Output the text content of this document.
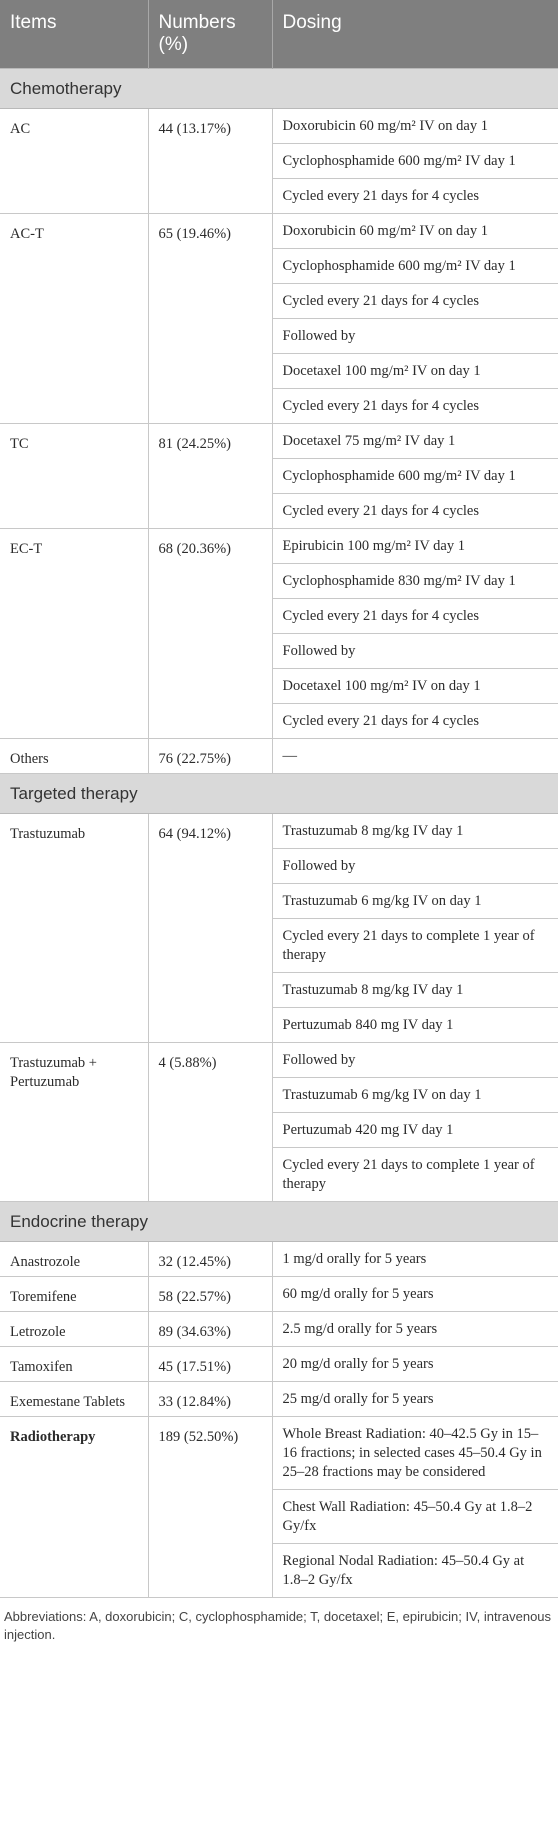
Items	Numbers (%)	Dosing
Chemotherapy		
AC	44 (13.17%)	Doxorubicin 60 mg/m² IV on day 1

		Cyclophosphamide 600 mg/m² IV day 1

		Cycled every 21 days for 4 cycles

AC-T	65 (19.46%)	Doxorubicin 60 mg/m² IV on day 1

		Cyclophosphamide 600 mg/m² IV day 1

		Cycled every 21 days for 4 cycles

		Followed by

		Docetaxel 100 mg/m² IV on day 1

		Cycled every 21 days for 4 cycles

TC	81 (24.25%)	Docetaxel 75 mg/m² IV day 1

		Cyclophosphamide 600 mg/m² IV day 1

		Cycled every 21 days for 4 cycles

EC-T	68 (20.36%)	Epirubicin 100 mg/m² IV day 1

		Cyclophosphamide 830 mg/m² IV day 1

		Cycled every 21 days for 4 cycles

		Followed by

		Docetaxel 100 mg/m² IV on day 1

		Cycled every 21 days for 4 cycles

Others	76 (22.75%)	—

Targeted therapy		
Trastuzumab	64 (94.12%)	Trastuzumab 8 mg/kg IV day 1

		Followed by

		Trastuzumab 6 mg/kg IV on day 1

		Cycled every 21 days to complete 1 year of therapy

		Trastuzumab 8 mg/kg IV day 1

		Pertuzumab 840 mg IV day 1

Trastuzumab + Pertuzumab	4 (5.88%)	Followed by

		Trastuzumab 6 mg/kg IV on day 1

		Pertuzumab 420 mg IV day 1

		Cycled every 21 days to complete 1 year of therapy

Endocrine therapy		
Anastrozole	32 (12.45%)	1 mg/d orally for 5 years

Toremifene	58 (22.57%)	60 mg/d orally for 5 years

Letrozole	89 (34.63%)	2.5 mg/d orally for 5 years

Tamoxifen	45 (17.51%)	20 mg/d orally for 5 years

Exemestane Tablets	33 (12.84%)	25 mg/d orally for 5 years

Radiotherapy	189 (52.50%)	Whole Breast Radiation: 40–42.5 Gy in 15–16 fractions; in selected cases 45–50.4 Gy in 25–28 fractions may be considered

		Chest Wall Radiation: 45–50.4 Gy at 1.8–2 Gy/fx

		Regional Nodal Radiation: 45–50.4 Gy at 1.8–2 Gy/fx
Abbreviations: A, doxorubicin; C, cyclophosphamide; T, docetaxel; E, epirubicin; IV, intravenous injection.
